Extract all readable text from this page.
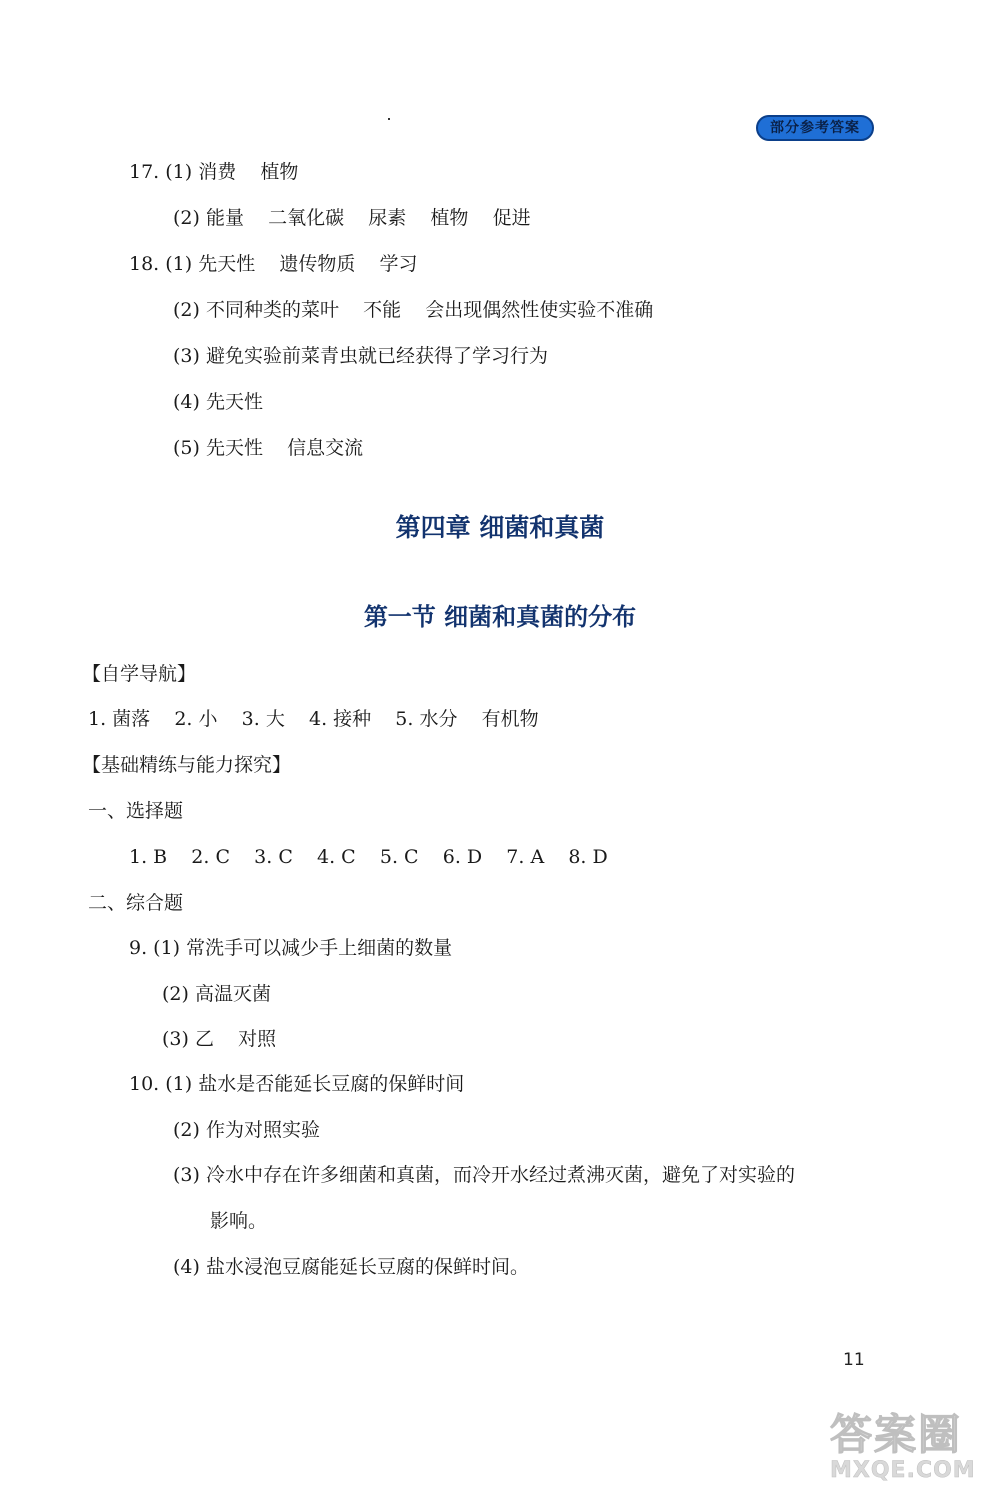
部分参考答案
17. (1) 消费    植物
(2) 能量    二氧化碳    尿素    植物    促进
18. (1) 先天性    遗传物质    学习
(2) 不同种类的菜叶    不能    会出现偶然性使实验不准确
(3) 避免实验前菜青虫就已经获得了学习行为
(4) 先天性
(5) 先天性    信息交流
第四章 细菌和真菌
第一节 细菌和真菌的分布
【自学导航】
1. 菌落    2. 小    3. 大    4. 接种    5. 水分    有机物
【基础精练与能力探究】
一、选择题
1. B    2. C    3. C    4. C    5. C    6. D    7. A    8. D
二、综合题
9. (1) 常洗手可以减少手上细菌的数量
(2) 高温灭菌
(3) 乙    对照
10. (1) 盐水是否能延长豆腐的保鲜时间
(2) 作为对照实验
(3) 冷水中存在许多细菌和真菌，而冷开水经过煮沸灭菌，避免了对实验的
影响。
(4) 盐水浸泡豆腐能延长豆腐的保鲜时间。
11
答案圈
MXQE.COM
